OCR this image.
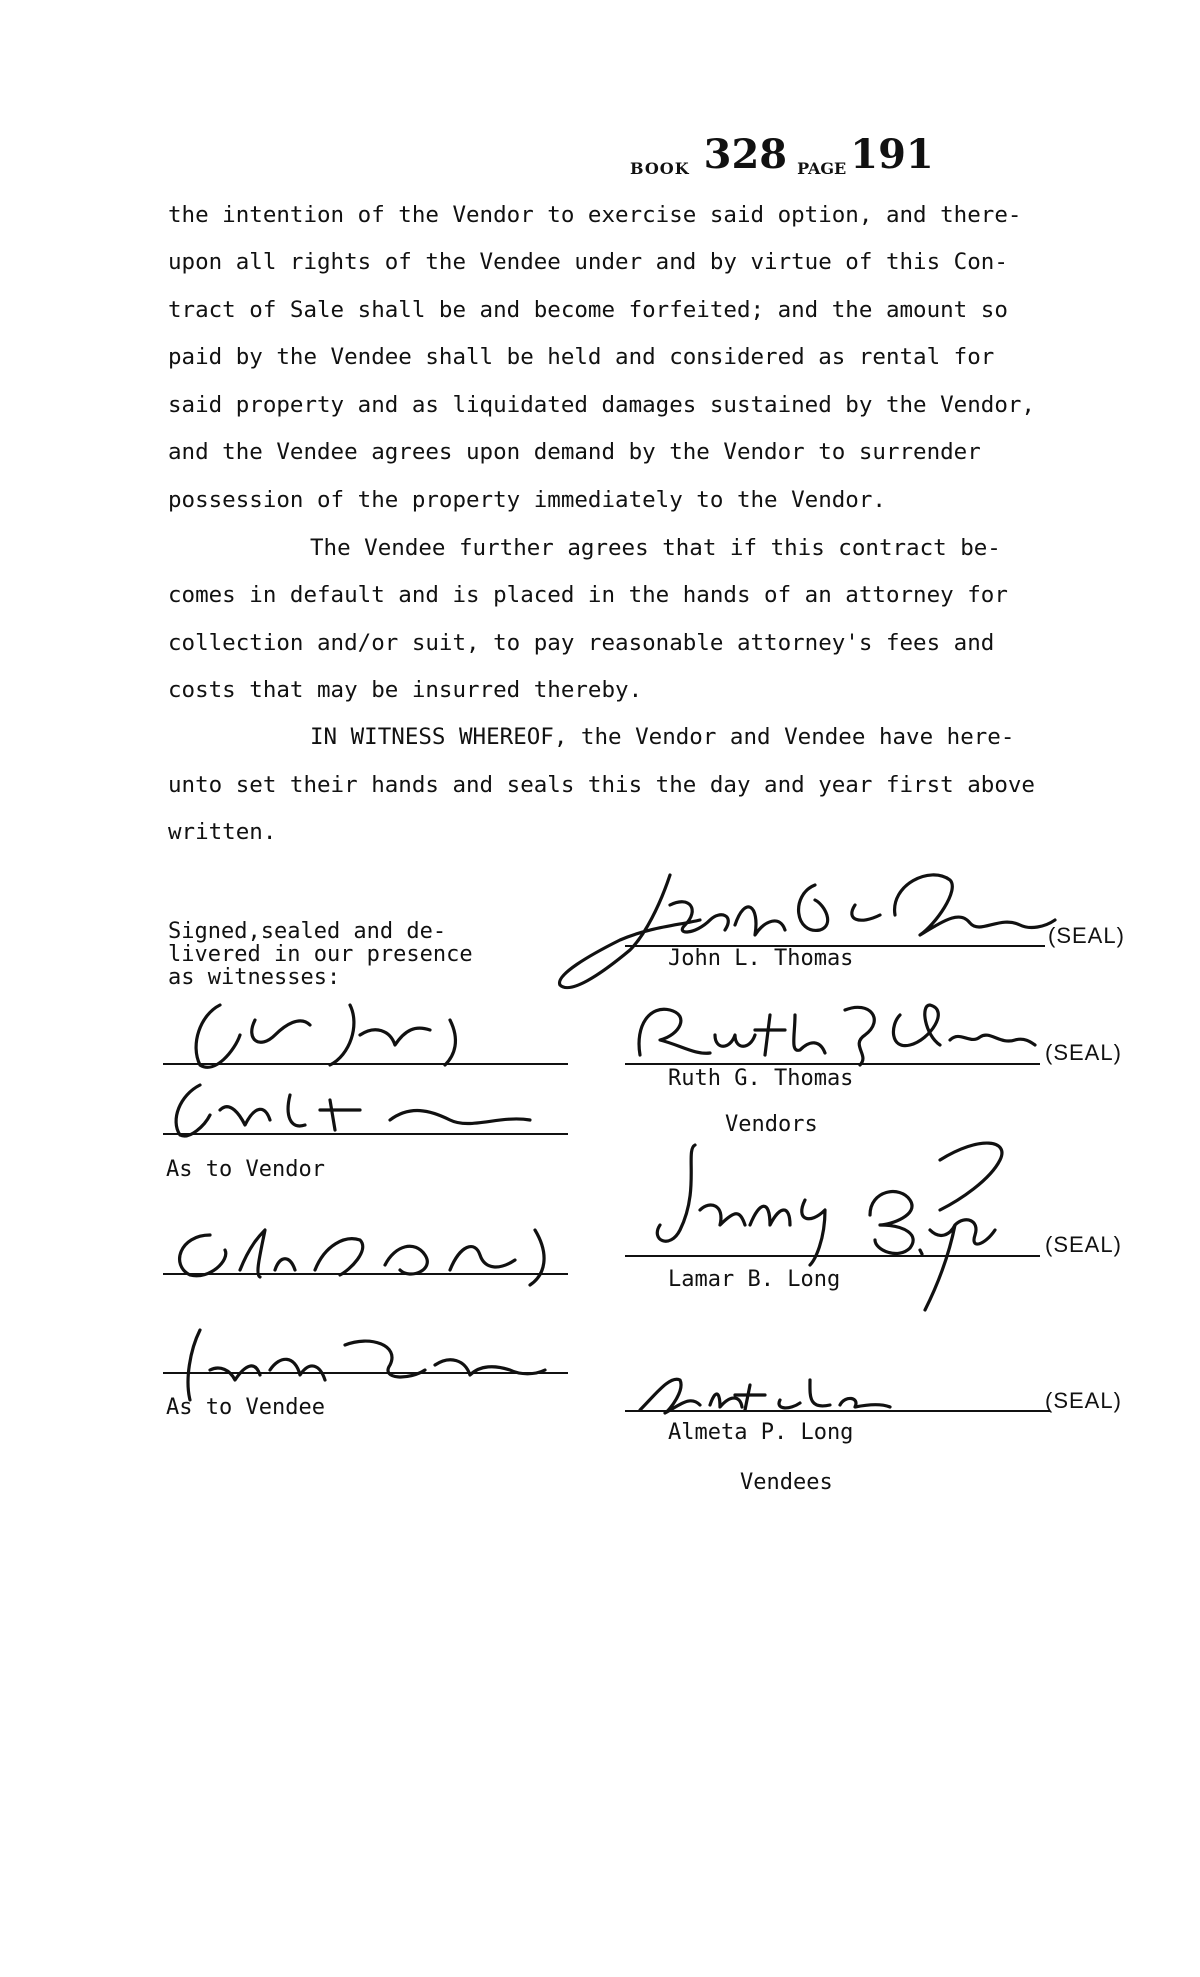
BOOK 328 PAGE 191
the intention of the Vendor to exercise said option, and there-
upon all rights of the Vendee under and by virtue of this Con-
tract of Sale shall be and become forfeited; and the amount so
paid by the Vendee shall be held and considered as rental for
said property and as liquidated damages sustained by the Vendor,
and the Vendee agrees upon demand by the Vendor to surrender
possession of the property immediately to the Vendor.
The Vendee further agrees that if this contract be-
comes in default and is placed in the hands of an attorney for
collection and/or suit, to pay reasonable attorney's fees and
costs that may be insurred thereby.
IN WITNESS WHEREOF, the Vendor and Vendee have here-
unto set their hands and seals this the day and year first above
written.
Signed,sealed and de-
livered in our presence
as witnesses:
As to Vendor
As to Vendee
(SEAL)
John L. Thomas
(SEAL)
Ruth G. Thomas
Vendors
(SEAL)
Lamar B. Long
(SEAL)
Almeta P. Long
Vendees
